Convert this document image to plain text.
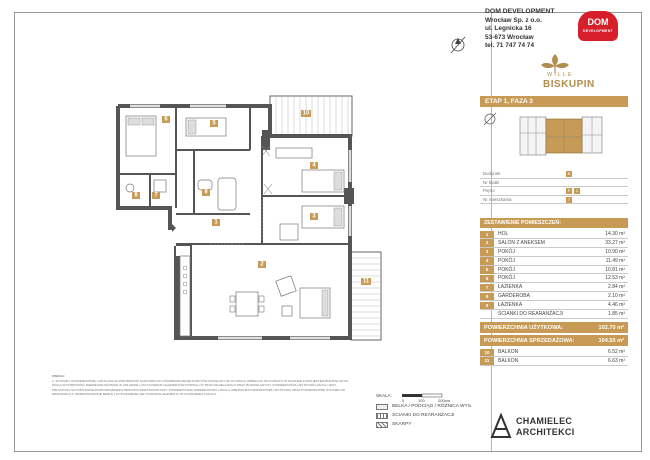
1
2
3
4
5
6
7
8	9
10
11
DOM DEVELOPMENT
Wrocław Sp. z o.o.
ul. Legnicka 16
53-673 Wrocław
tel. 71 747 74 74
DOM
DEVELOPMENT
WILLE
BISKUPIN
ETAP 1, FAZA 3
Budynek	B
Nr klatki
Piętro	P	1
Nr mieszkania	7
ZESTAWIENIE POMIESZCZEŃ:
1	HOL	14.30 m²
2	SALON Z ANEKSEM	33.27 m²
3	POKÓJ	10.90 m²
4	POKÓJ	11.49 m²
5	POKÓJ	10.81 m²
6	POKÓJ	12.53 m²
7	ŁAZIENKA	2.84 m²
8	GARDEROBA	2.10 m²
9	ŁAZIENKA	4.46 m²
ŚCIANKI DO REARANŻACJI	1.85 m²
POWIERZCHNIA UŻYTKOWA:	102.70 m²
POWIERZCHNIA SPRZEDAŻOWA:	104.55 m²
10	BALKON	6.52 m²
11	BALKON	6.63 m²
UWAGA:
1. WYMIARY, POWIERZCHNIE, LOKALIZACJA PRZYBORÓW SANITARNYCH, ROZMIESZCZENIE PUNKTÓW INSTALACYJNYCH MOGĄ ODBIEGAĆ OD PODANYCH ZGODNIE Z PROJEKTEM BUDOWLANYM. MOGĄ WYSTĘPOWAĆ NIEWIELKIE RÓŻNICE W UKŁADZIE I USYTUOWANIU ELEMENTÓW PORTALU W TRAKCIE REALIZACJI PRAC BUDOWLANYCH. POWIERZCHNIA UŻYTKOWA LOKALU JEST OBLICZONA NA PODSTAWIE ROZPORZĄDZENIA MINISTRA INFRASTRUKTURY. POWIERZCHNIA SPRZEDAŻOWA LOKALU OBEJMUJE POWIERZCHNIĘ UŻYTKOWĄ ORAZ POWIERZCHNIĘ ŚCIANEK DO REARANŻACJI. PRZEDSTAWIONE MEBLE I WYPOSAŻENIE NIE STANOWIĄ ELEMENTU WYKOŃCZENIA LOKALU.	SKALA:
0	100	200cm
BELKA / PODCIĄG / RÓŻNICA WYS.
ŚCIANKI DO REARANŻACJI
SKARPY	CHAMIELEC
ARCHITEKCI
